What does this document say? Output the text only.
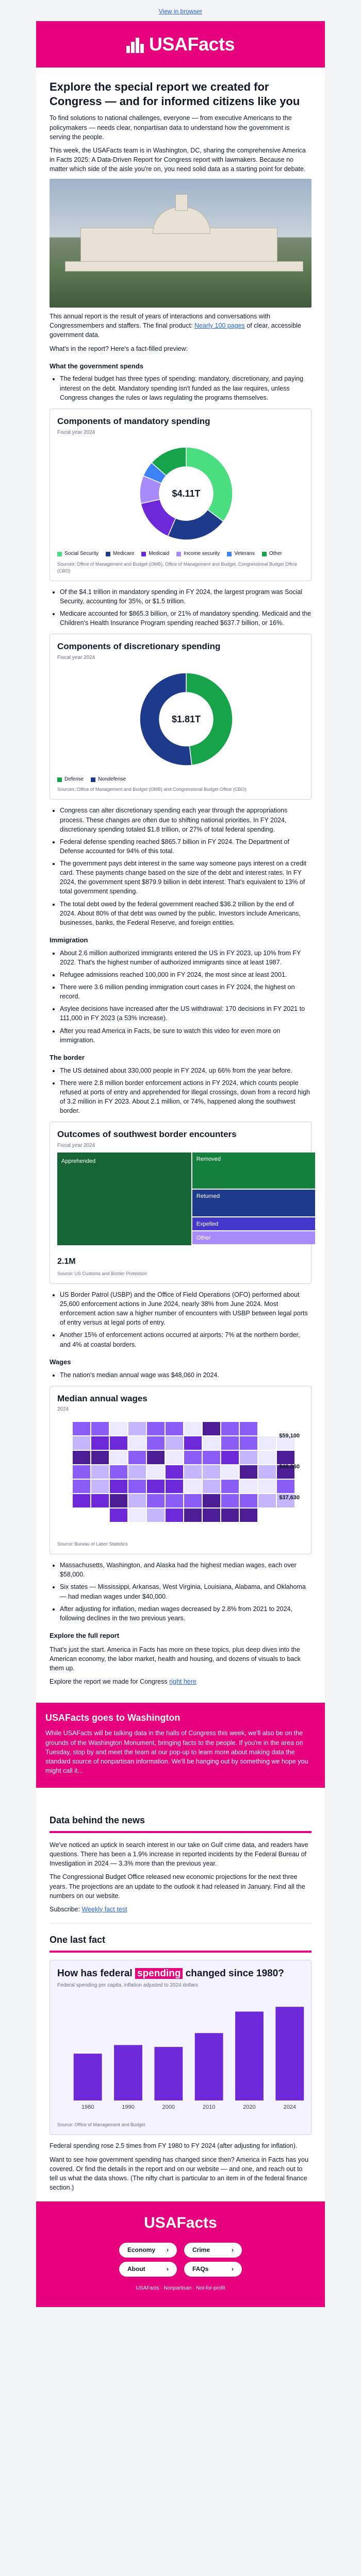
View in browser
USAFacts
Explore the special report we created for Congress — and for informed citizens like you

To find solutions to national challenges, everyone — from executive Americans to the policymakers — needs clear, nonpartisan data to understand how the government is serving the people.

This week, the USAFacts team is in Washington, DC, sharing the comprehensive America in Facts 2025: A Data-Driven Report for Congress report with lawmakers. Because no matter which side of the aisle you're on, you need solid data as a starting point for debate.

This annual report is the result of years of interactions and conversations with Congressmembers and staffers. The final product: Nearly 100 pages of clear, accessible government data.

What's in the report? Here's a fact-filled preview:

What the government spends
• The federal budget has three types of spending: mandatory, discretionary, and paying interest on the debt. Mandatory spending isn't funded as the law requires, unless Congress changes the rules or laws regulating the programs themselves.
Components of mandatory spending
Fiscal year 2024
$4.11T
Social Security	Medicare	Medicaid	Income security	Veterans	Other
Sources: Office of Management and Budget (OMB), Office of Management and Budget, Congressional Budget Office (CBO)
• Of the $4.1 trillion in mandatory spending in FY 2024, the largest program was Social Security, accounting for 35%, or $1.5 trillion.
• Medicare accounted for $865.3 billion, or 21% of mandatory spending. Medicaid and the Children's Health Insurance Program spending reached $637.7 billion, or 16%.
Components of discretionary spending
Fiscal year 2024
$1.81T
Defense	Nondefense
Sources: Office of Management and Budget (OMB) and Congressional Budget Office (CBO)
• Congress can alter discretionary spending each year through the appropriations process. These changes are often due to shifting national priorities. In FY 2024, discretionary spending totaled $1.8 trillion, or 27% of total federal spending.
• Federal defense spending reached $865.7 billion in FY 2024. The Department of Defense accounted for 94% of this total.
• The government pays debt interest in the same way someone pays interest on a credit card. These payments change based on the size of the debt and interest rates. In FY 2024, the government spent $879.9 billion in debt interest. That's equivalent to 13% of total government spending.
• The total debt owed by the federal government reached $36.2 trillion by the end of 2024. About 80% of that debt was owned by the public. Investors include Americans, businesses, banks, the Federal Reserve, and foreign entities.
Immigration
• About 2.6 million authorized immigrants entered the US in FY 2023, up 10% from FY 2022. That's the highest number of authorized immigrants since at least 1987.
• Refugee admissions reached 100,000 in FY 2024, the most since at least 2001.
• There were 3.6 million pending immigration court cases in FY 2024, the highest on record.
• Asylee decisions have increased after the US withdrawal: 170 decisions in FY 2021 to 111,000 in FY 2023 (a 53% increase).
• After you read America in Facts, be sure to watch this video for even more on immigration.
The border
• The US detained about 330,000 people in FY 2024, up 66% from the year before.
• There were 2.8 million border enforcement actions in FY 2024, which counts people refused at ports of entry and apprehended for illegal crossings, down from a record high of 3.2 million in FY 2023. About 2.1 million, or 74%, happened along the southwest border.
Outcomes of southwest border encounters
Fiscal year 2024
Apprehended	Removed
Returned
Expelled
Other
2.1M
Source: US Customs and Border Protection
• US Border Patrol (USBP) and the Office of Field Operations (OFO) performed about 25,600 enforcement actions in June 2024, nearly 38% from June 2024. Most enforcement action saw a higher number of encounters with USBP between legal ports of entry versus at legal ports of entry.
• Another 15% of enforcement actions occurred at airports; 7% at the northern border, and 4% at coastal borders.
Wages
• The nation's median annual wage was $48,060 in 2024.
Median annual wages
2024
$59,100
$48,060
$37,630
Source: Bureau of Labor Statistics
• Massachusetts, Washington, and Alaska had the highest median wages, each over $58,000.
• Six states — Mississippi, Arkansas, West Virginia, Louisiana, Alabama, and Oklahoma — had median wages under $40,000.
• After adjusting for inflation, median wages decreased by 2.8% from 2021 to 2024, following declines in the two previous years.
Explore the full report

That's just the start. America in Facts has more on these topics, plus deep dives into the American economy, the labor market, health and housing, and dozens of visuals to back them up.

Explore the report we made for Congress right here

USAFacts goes to Washington

While USAFacts will be talking data in the halls of Congress this week, we'll also be on the grounds of the Washington Monument, bringing facts to the people. If you're in the area on Tuesday, stop by and meet the team at our pop-up to learn more about making data the standard source of nonpartisan information. We'll be hanging out by something we hope you might call it...

Data behind the news

We've noticed an uptick in search interest in our take on Gulf crime data, and readers have questions. There has been a 1.9% increase in reported incidents by the Federal Bureau of Investigation in 2024 — 3.3% more than the previous year.

The Congressional Budget Office released new economic projections for the next three years. The projections are an update to the outlook it had released in January. Find all the numbers on our website.

Subscribe: Weekly fact test

One last fact
How has federal spending changed since 1980?
Federal spending per capita, inflation adjusted to 2024 dollars
1980	1990	2000	2010	2020	2024
Source: Office of Management and Budget

Federal spending rose 2.5 times from FY 1980 to FY 2024 (after adjusting for inflation).

Want to see how government spending has changed since then? America in Facts has you covered. Or find the details in the report and on our website — and one, and reach out to tell us what the data shows. (The nifty chart is particular to an item in of the federal finance section.)

USAFacts
Economy ›	Crime	›
About	›	FAQs	›
USAFacts · Nonpartisan · Not-for-profit
